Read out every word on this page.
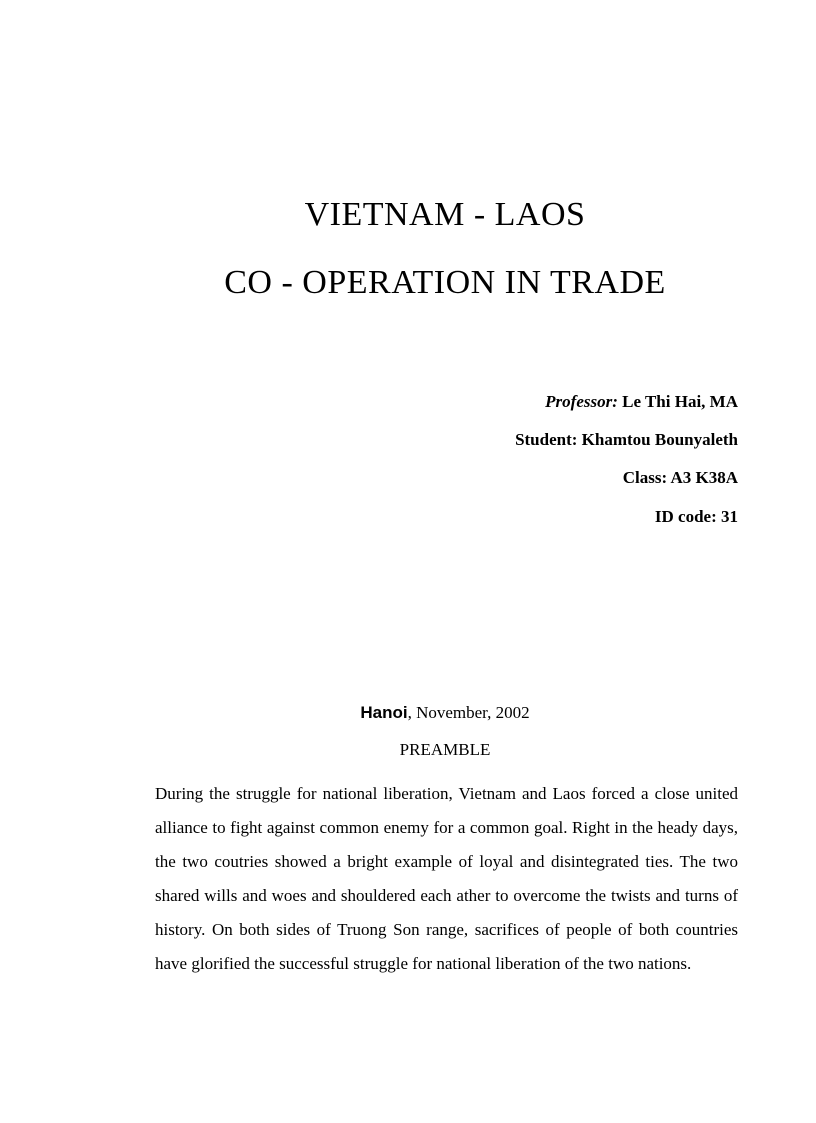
VIETNAM - LAOS
CO - OPERATION IN TRADE
Professor: Le Thi Hai, MA
Student: Khamtou Bounyaleth
Class: A3 K38A
ID code: 31
Hanoi, November, 2002
PREAMBLE

During the struggle for national liberation, Vietnam and Laos forced a close united alliance to fight against common enemy for a common goal. Right in the heady days, the two coutries showed a bright example of loyal and disintegrated ties. The two shared wills and woes and shouldered each ather to overcome the twists and turns of history. On both sides of Truong Son range, sacrifices of people of both countries have glorified the successful struggle for national liberation of the two nations.
